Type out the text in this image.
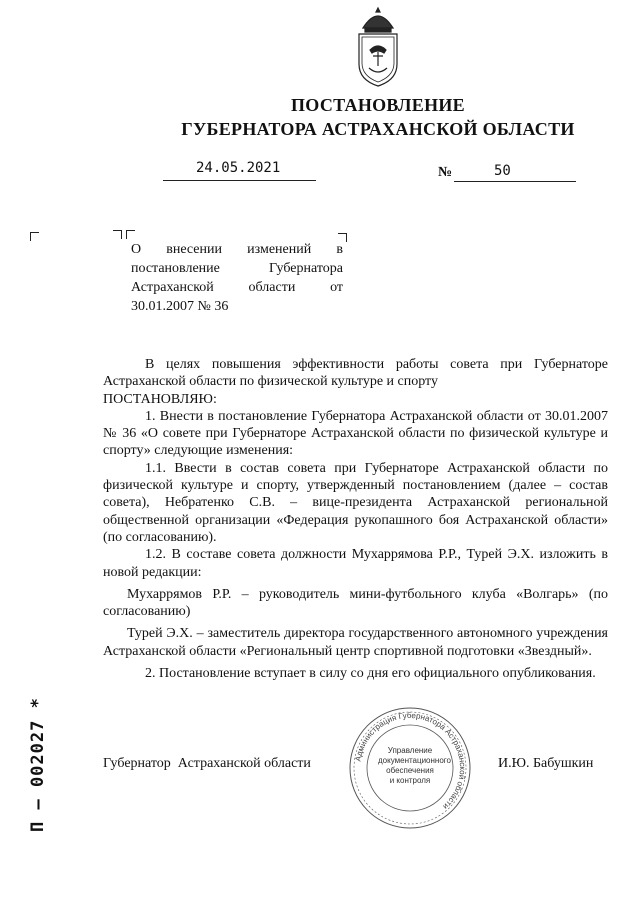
ПОСТАНОВЛЕНИЕ
ГУБЕРНАТОРА АСТРАХАНСКОЙ ОБЛАСТИ
24.05.2021	№	50
О внесении изменений в постановление Губернатора Астраханской области от 30.01.2007 № 36

В целях повышения эффективности работы совета при Губернаторе Астраханской области по физической культуре и спорту

ПОСТАНОВЛЯЮ:

1. Внести в постановление Губернатора Астраханской области от 30.01.2007 № 36 «О совете при Губернаторе Астраханской области по физической культуре и спорту» следующие изменения:

1.1. Ввести в состав совета при Губернаторе Астраханской области по физической культуре и спорту, утвержденный постановлением (далее – состав совета), Небратенко С.В. – вице-президента Астраханской региональной общественной организации «Федерация рукопашного боя Астраханской области» (по согласованию).

1.2. В составе совета должности Мухаррямова Р.Р., Турей Э.Х. изложить в новой редакции:

Мухаррямов Р.Р. – руководитель мини-футбольного клуба «Волгарь» (по согласованию)

Турей Э.Х. – заместитель директора государственного автономного учреждения Астраханской области «Региональный центр спортивной подготовки «Звездный».

2. Постановление вступает в силу со дня его официального опубликования.

Губернатор  Астраханской области	И.Ю. Бабушкин
Администрация Губернатора Астраханской области
Управление
документационного
обеспечения
и контроля
П – 002027 *
